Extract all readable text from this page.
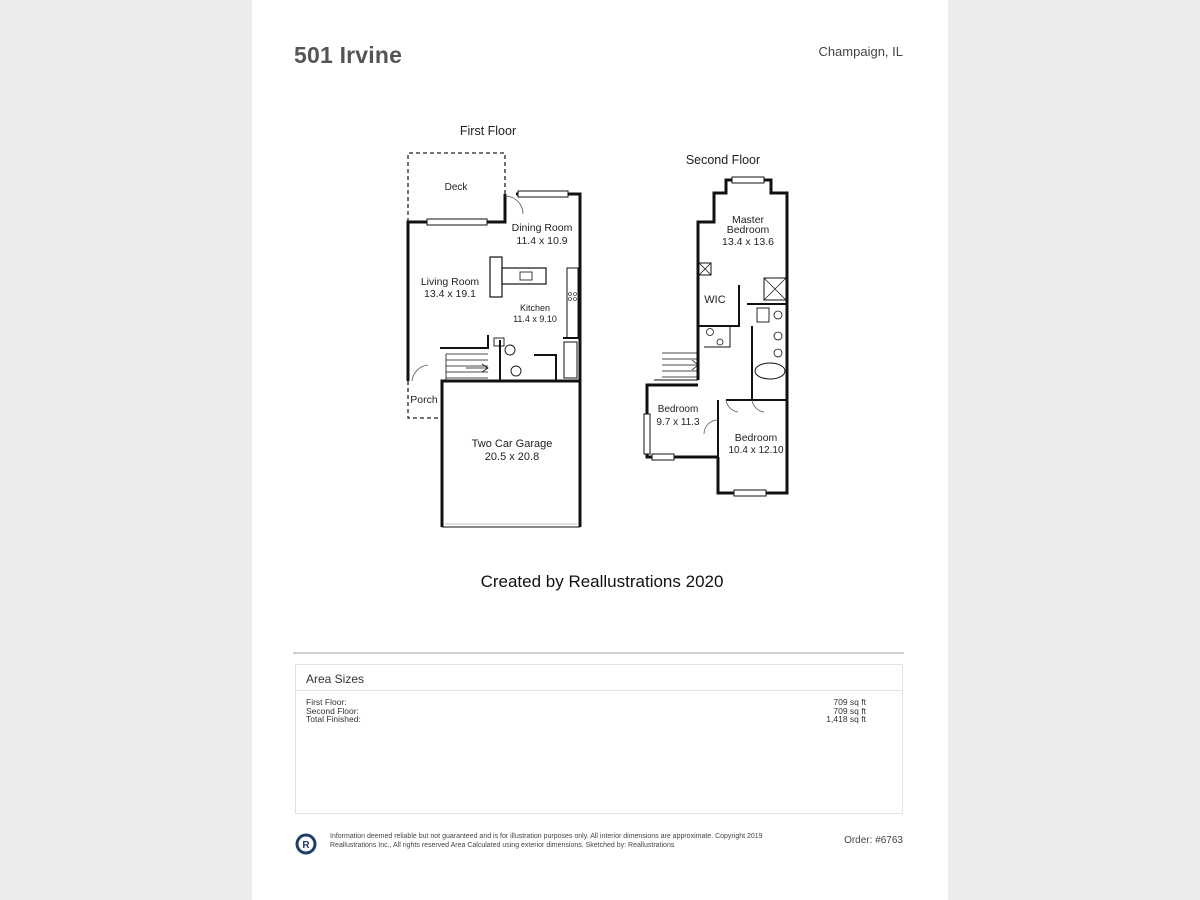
501 Irvine	Champaign, IL
First Floor
Deck
Dining Room
11.4 x 10.9
Living Room
13.4 x 19.1
Kitchen
11.4 x 9.10
Porch
Two Car Garage
20.5 x 20.8
Second Floor
Master
Bedroom
13.4 x 13.6
WIC
Bedroom
9.7 x 11.3
Bedroom
10.4 x 12.10
Created by Reallustrations 2020
Area Sizes
First Floor:	709 sq ft
Second Floor:	709 sq ft
Total Finished:	1,418 sq ft
R
Information deemed reliable but not guaranteed and is for illustration purposes only. All interior dimensions are approximate. Copyright 2019 Reallustrations Inc., All rights reserved Area Calculated using exterior dimensions. Sketched by: Reallustrations	Order: #6763
